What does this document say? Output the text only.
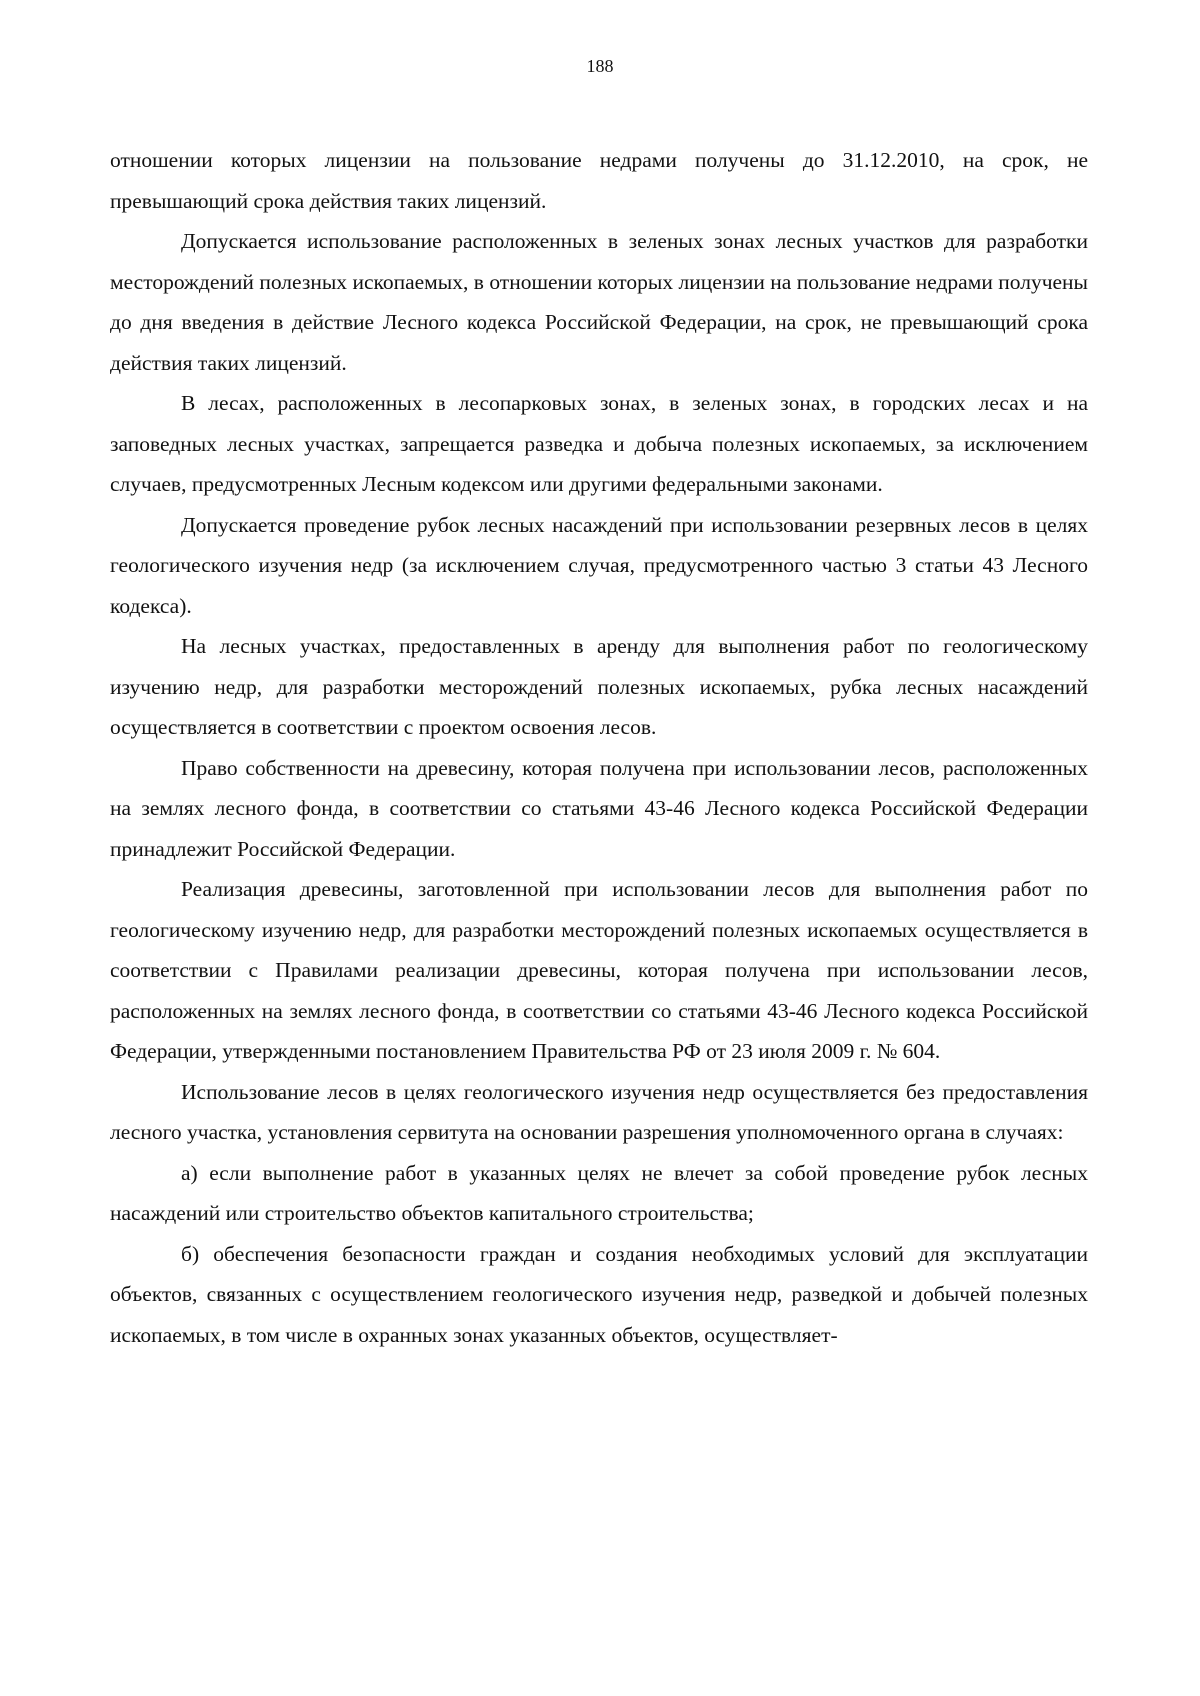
188

отношении которых лицензии на пользование недрами получены до 31.12.2010, на срок, не превышающий срока действия таких лицензий.

Допускается использование расположенных в зеленых зонах лесных участков для разработки месторождений полезных ископаемых, в отношении которых лицензии на пользование недрами получены до дня введения в действие Лесного кодекса Российской Федерации, на срок, не превышающий срока действия таких лицензий.

В лесах, расположенных в лесопарковых зонах, в зеленых зонах, в городских лесах и на заповедных лесных участках, запрещается разведка и добыча полезных ископаемых, за исключением случаев, предусмотренных Лесным кодексом или другими федеральными законами.

Допускается проведение рубок лесных насаждений при использовании резервных лесов в целях геологического изучения недр (за исключением случая, предусмотренного частью 3 статьи 43 Лесного кодекса).

На лесных участках, предоставленных в аренду для выполнения работ по геологическому изучению недр, для разработки месторождений полезных ископаемых, рубка лесных насаждений осуществляется в соответствии с проектом освоения лесов.

Право собственности на древесину, которая получена при использовании лесов, расположенных на землях лесного фонда, в соответствии со статьями 43-46 Лесного кодекса Российской Федерации принадлежит Российской Федерации.

Реализация древесины, заготовленной при использовании лесов для выполнения работ по геологическому изучению недр, для разработки месторождений полезных ископаемых осуществляется в соответствии с Правилами реализации древесины, которая получена при использовании лесов, расположенных на землях лесного фонда, в соответствии со статьями 43-46 Лесного кодекса Российской Федерации, утвержденными постановлением Правительства РФ от 23 июля 2009 г. № 604.

Использование лесов в целях геологического изучения недр осуществляется без предоставления лесного участка, установления сервитута на основании разрешения уполномоченного органа в случаях:

а) если выполнение работ в указанных целях не влечет за собой проведение рубок лесных насаждений или строительство объектов капитального строительства;

б) обеспечения безопасности граждан и создания необходимых условий для эксплуатации объектов, связанных с осуществлением геологического изучения недр, разведкой и добычей полезных ископаемых, в том числе в охранных зонах указанных объектов, осуществляет-
